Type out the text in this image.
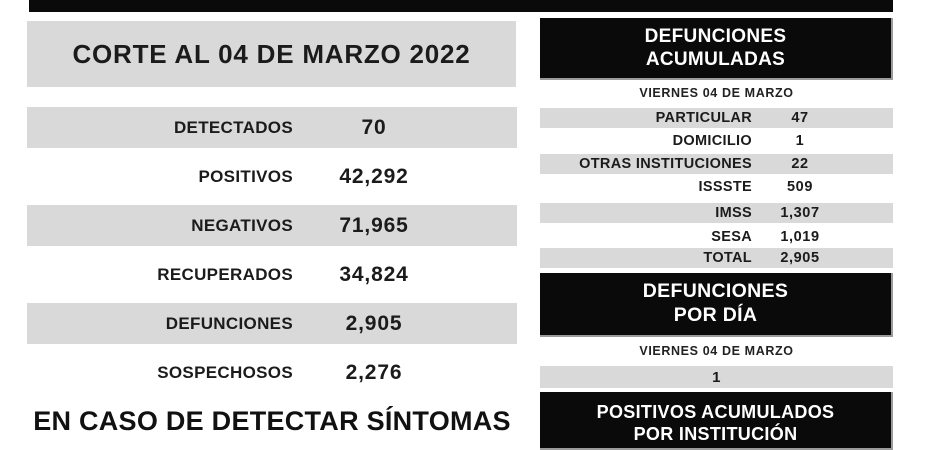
CORTE AL 04 DE MARZO 2022
DETECTADOS	70
POSITIVOS	42,292
NEGATIVOS	71,965
RECUPERADOS	34,824
DEFUNCIONES	2,905
SOSPECHOSOS	2,276
EN CASO DE DETECTAR SÍNTOMAS
DEFUNCIONES
ACUMULADAS
VIERNES 04 DE MARZO
PARTICULAR	47
DOMICILIO	1
OTRAS INSTITUCIONES	22
ISSSTE	509
IMSS	1,307
SESA	1,019
TOTAL	2,905
DEFUNCIONES
POR DÍA
VIERNES 04 DE MARZO
1
POSITIVOS ACUMULADOS
POR INSTITUCIÓN
